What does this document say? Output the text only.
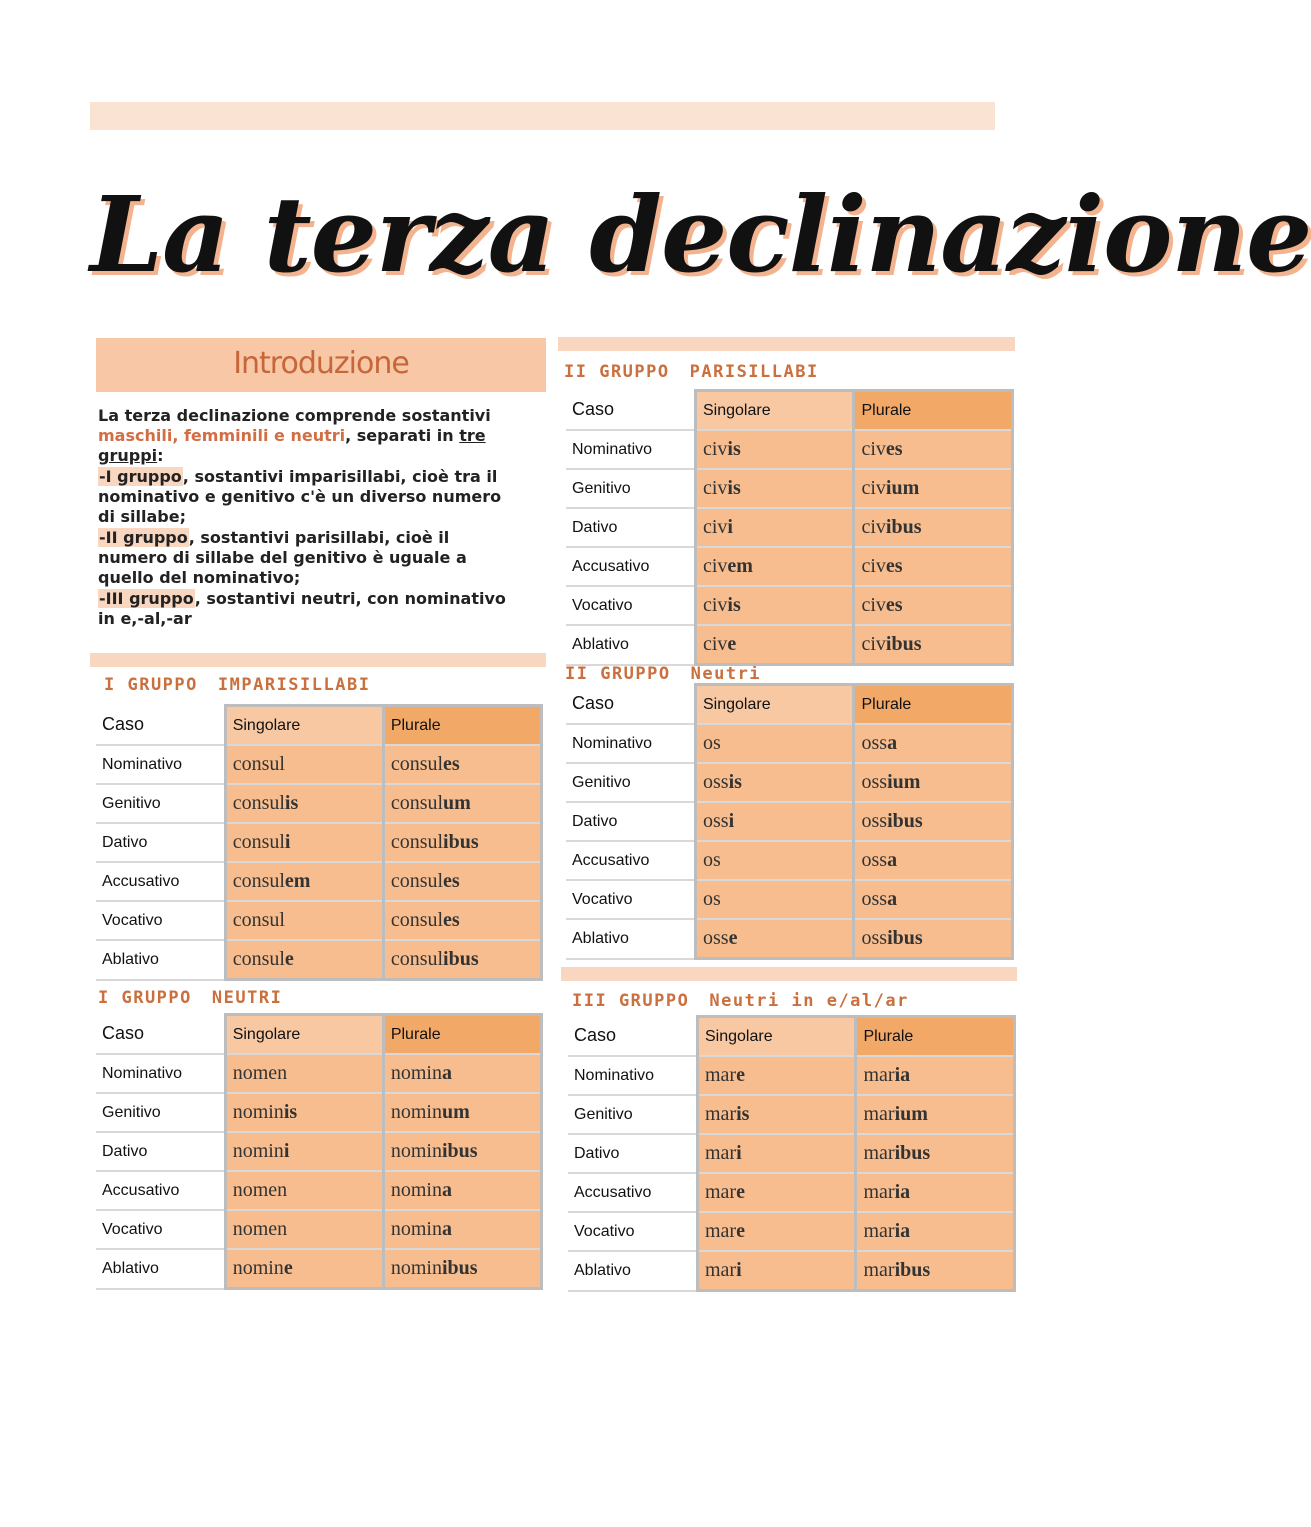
La terza declinazione
Introduzione

La terza declinazione comprende sostantivi maschili, femminili e neutri, separati in tre gruppi:

-I gruppo, sostantivi imparisillabi, cioè tra il nominativo e genitivo c'è un diverso numero di sillabe;

-II gruppo, sostantivi parisillabi, cioè il numero di sillabe del genitivo è uguale a quello del nominativo;

-III gruppo, sostantivi neutri, con nominativo in e,-al,-ar

I GRUPPO IMPARISILLABI
I GRUPPO NEUTRI
II GRUPPO PARISILLABI
II GRUPPO Neutri
III GRUPPO Neutri in e/al/ar
Caso	Singolare	Plurale
Nominativo	consul	consules
Genitivo	consulis	consulum
Dativo	consuli	consulibus
Accusativo	consulem	consules
Vocativo	consul	consules
Ablativo	consule	consulibus
Caso	Singolare	Plurale
Nominativo	nomen	nomina
Genitivo	nominis	nominum
Dativo	nomini	nominibus
Accusativo	nomen	nomina
Vocativo	nomen	nomina
Ablativo	nomine	nominibus
Caso	Singolare	Plurale
Nominativo	civis	cives
Genitivo	civis	civium
Dativo	civi	civibus
Accusativo	civem	cives
Vocativo	civis	cives
Ablativo	cive	civibus
Caso	Singolare	Plurale
Nominativo	os	ossa
Genitivo	ossis	ossium
Dativo	ossi	ossibus
Accusativo	os	ossa
Vocativo	os	ossa
Ablativo	osse	ossibus
Caso	Singolare	Plurale
Nominativo	mare	maria
Genitivo	maris	marium
Dativo	mari	maribus
Accusativo	mare	maria
Vocativo	mare	maria
Ablativo	mari	maribus
